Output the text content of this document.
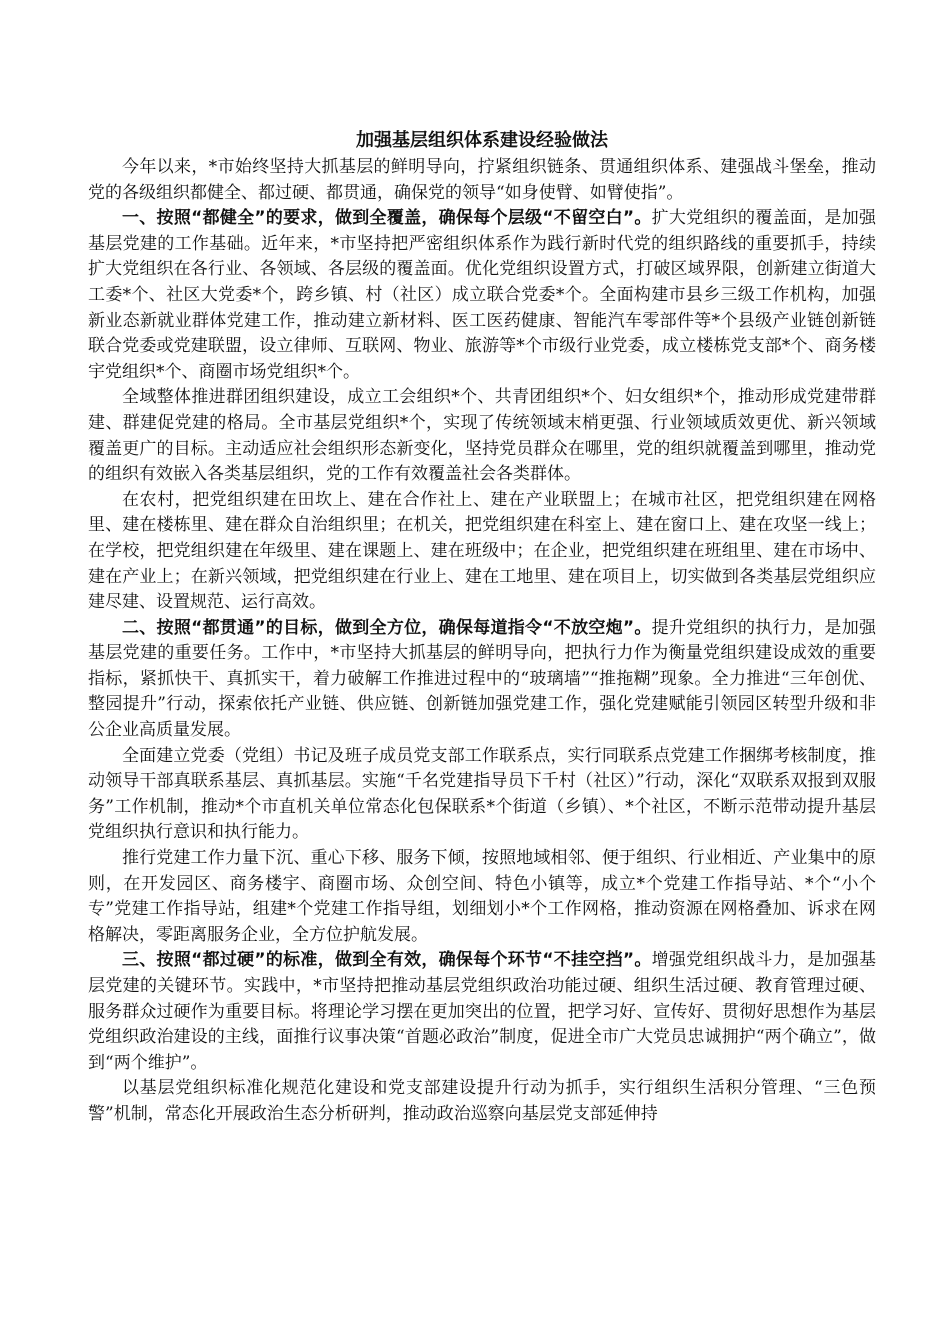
加强基层组织体系建设经验做法

今年以来，*市始终坚持大抓基层的鲜明导向，拧紧组织链条、贯通组织体系、建强战斗堡垒，推动党的各级组织都健全、都过硬、都贯通，确保党的领导“如身使臂、如臂使指”。

一、按照“都健全”的要求，做到全覆盖，确保每个层级“不留空白”。扩大党组织的覆盖面，是加强基层党建的工作基础。近年来，*市坚持把严密组织体系作为践行新时代党的组织路线的重要抓手，持续扩大党组织在各行业、各领域、各层级的覆盖面。优化党组织设置方式，打破区域界限，创新建立街道大工委*个、社区大党委*个，跨乡镇、村（社区）成立联合党委*个。全面构建市县乡三级工作机构，加强新业态新就业群体党建工作，推动建立新材料、医工医药健康、智能汽车零部件等*个县级产业链创新链联合党委或党建联盟，设立律师、互联网、物业、旅游等*个市级行业党委，成立楼栋党支部*个、商务楼宇党组织*个、商圈市场党组织*个。

全域整体推进群团组织建设，成立工会组织*个、共青团组织*个、妇女组织*个，推动形成党建带群建、群建促党建的格局。全市基层党组织*个，实现了传统领域末梢更强、行业领域质效更优、新兴领域覆盖更广的目标。主动适应社会组织形态新变化，坚持党员群众在哪里，党的组织就覆盖到哪里，推动党的组织有效嵌入各类基层组织，党的工作有效覆盖社会各类群体。

在农村，把党组织建在田坎上、建在合作社上、建在产业联盟上；在城市社区，把党组织建在网格里、建在楼栋里、建在群众自治组织里；在机关，把党组织建在科室上、建在窗口上、建在攻坚一线上；在学校，把党组织建在年级里、建在课题上、建在班级中；在企业，把党组织建在班组里、建在市场中、建在产业上；在新兴领域，把党组织建在行业上、建在工地里、建在项目上，切实做到各类基层党组织应建尽建、设置规范、运行高效。

二、按照“都贯通”的目标，做到全方位，确保每道指令“不放空炮”。提升党组织的执行力，是加强基层党建的重要任务。工作中，*市坚持大抓基层的鲜明导向，把执行力作为衡量党组织建设成效的重要指标，紧抓快干、真抓实干，着力破解工作推进过程中的“玻璃墙”“推拖糊”现象。全力推进“三年创优、整园提升”行动，探索依托产业链、供应链、创新链加强党建工作，强化党建赋能引领园区转型升级和非公企业高质量发展。

全面建立党委（党组）书记及班子成员党支部工作联系点，实行同联系点党建工作捆绑考核制度，推动领导干部真联系基层、真抓基层。实施“千名党建指导员下千村（社区）”行动，深化“双联系双报到双服务”工作机制，推动*个市直机关单位常态化包保联系*个街道（乡镇）、*个社区，不断示范带动提升基层党组织执行意识和执行能力。

推行党建工作力量下沉、重心下移、服务下倾，按照地域相邻、便于组织、行业相近、产业集中的原则，在开发园区、商务楼宇、商圈市场、众创空间、特色小镇等，成立*个党建工作指导站、*个“小个专”党建工作指导站，组建*个党建工作指导组，划细划小*个工作网格，推动资源在网格叠加、诉求在网格解决，零距离服务企业，全方位护航发展。

三、按照“都过硬”的标准，做到全有效，确保每个环节“不挂空挡”。增强党组织战斗力，是加强基层党建的关键环节。实践中，*市坚持把推动基层党组织政治功能过硬、组织生活过硬、教育管理过硬、服务群众过硬作为重要目标。将理论学习摆在更加突出的位置，把学习好、宣传好、贯彻好思想作为基层党组织政治建设的主线，面推行议事决策“首题必政治”制度，促进全市广大党员忠诚拥护“两个确立”，做到“两个维护”。

以基层党组织标准化规范化建设和党支部建设提升行动为抓手，实行组织生活积分管理、“三色预警”机制，常态化开展政治生态分析研判，推动政治巡察向基层党支部延伸持
